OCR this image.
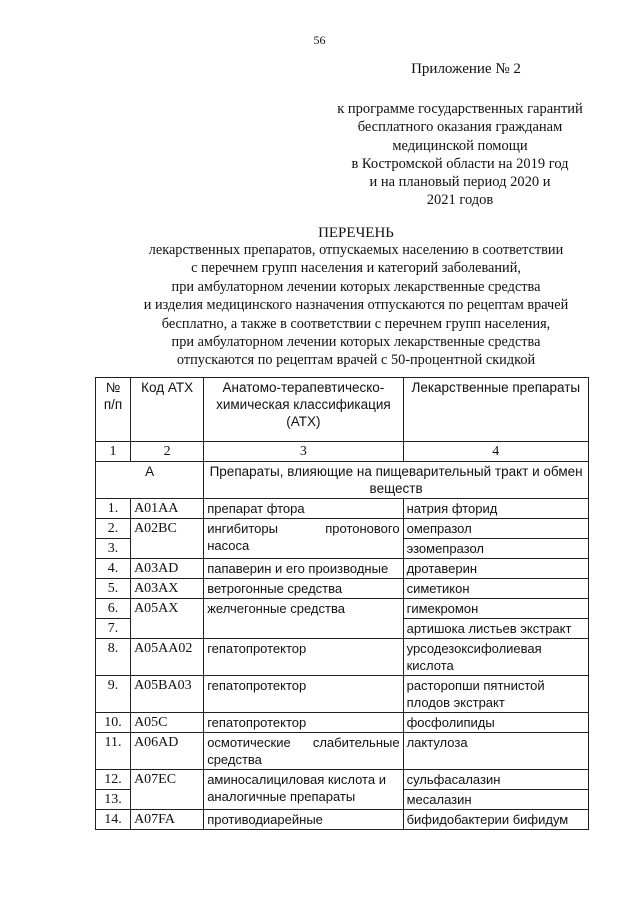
56
Приложение № 2
к программе государственных гарантий
бесплатного оказания гражданам
медицинской помощи
в Костромской области на 2019 год
и на плановый период 2020 и
2021 годов
ПЕРЕЧЕНЬ
лекарственных препаратов, отпускаемых населению в соответствии
с перечнем групп населения и категорий заболеваний,
при амбулаторном лечении которых лекарственные средства
и изделия медицинского назначения отпускаются по рецептам врачей
бесплатно, а также в соответствии с перечнем групп населения,
при амбулаторном лечении которых лекарственные средства
отпускаются по рецептам врачей с 50-процентной скидкой
№ п/п	Код АТХ	Анатомо-терапевтическо-химическая классификация (АТХ)	Лекарственные препараты
1	2	3	4
А		Препараты, влияющие на пищеварительный тракт и обмен веществ	
1.	A01AA	препарат фтора	натрия фторид
2.	A02BC	ингибиторы протонового насоса	омепразол
3.			эзомепразол
4.	A03AD	папаверин и его производные	дротаверин
5.	A03AX	ветрогонные средства	симетикон
6.	A05AX	желчегонные средства	гимекромон
7.			артишока листьев экстракт
8.	A05AA02	гепатопротектор	урсодезоксифолиевая кислота
9.	A05BA03	гепатопротектор	расторопши пятнистой плодов экстракт
10.	A05C	гепатопротектор	фосфолипиды
11.	A06AD	осмотические слабительные средства	лактулоза
12.	A07EC	аминосалициловая кислота и аналогичные препараты	сульфасалазин
13.			месалазин
14.	A07FA	противодиарейные	бифидобактерии бифидум
